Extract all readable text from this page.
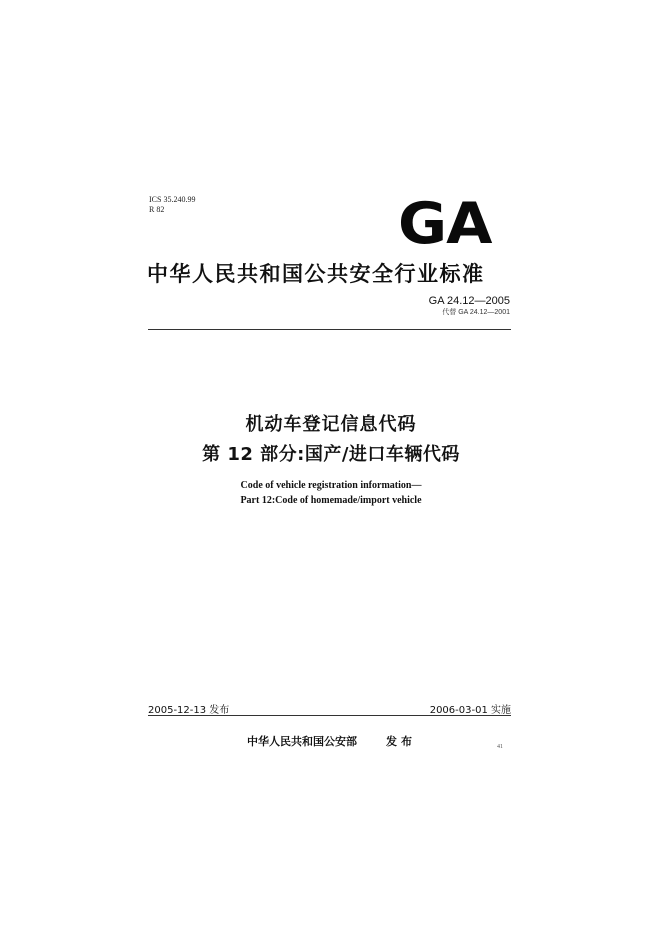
ICS 35.240.99
R 82	GA
中华人民共和国公共安全行业标准
GA 24.12—2005
代替 GA 24.12—2001
机动车登记信息代码
第 12 部分:国产/进口车辆代码
Code of vehicle registration information—
Part 12:Code of homemade/import vehicle
2005-12-13 发布	2006-03-01 实施
中华人民共和国公安部	发布	41
